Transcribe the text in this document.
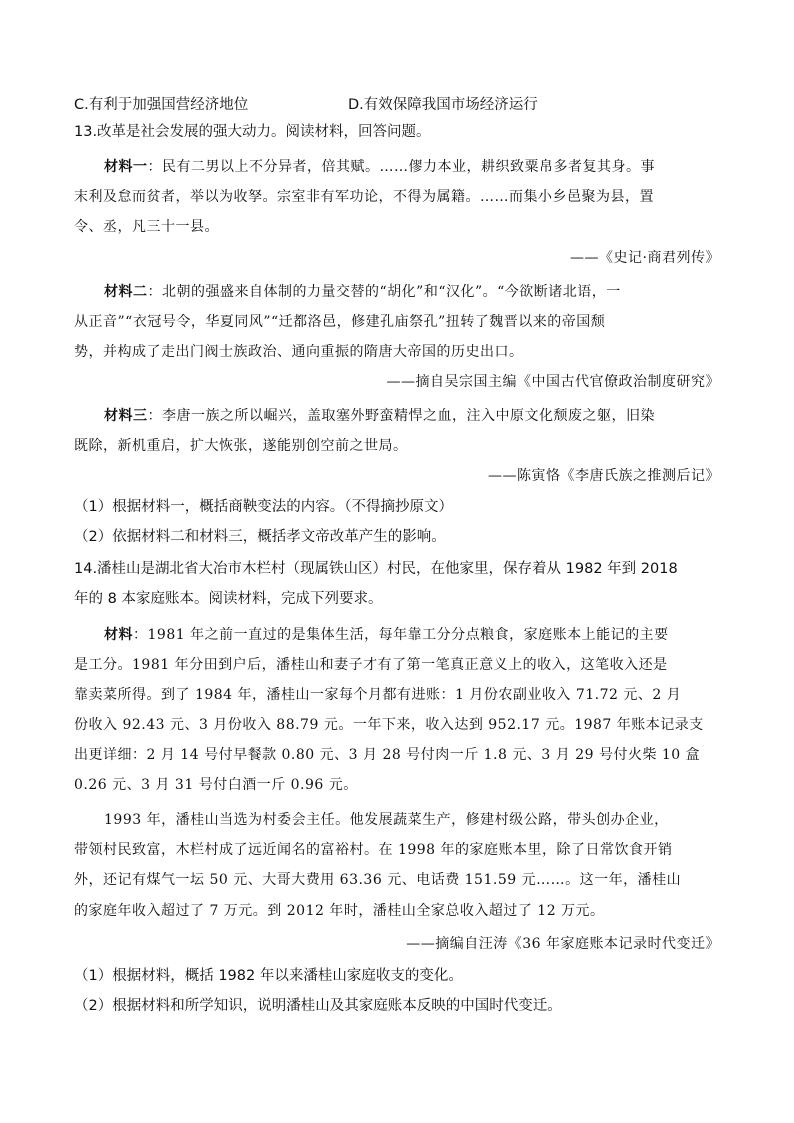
C.有利于加强国营经济地位	D.有效保障我国市场经济运行
13.改革是社会发展的强大动力。阅读材料，回答问题。
材料一：民有二男以上不分异者，倍其赋。……僇力本业，耕织致粟帛多者复其身。事
末利及怠而贫者，举以为收孥。宗室非有军功论，不得为属籍。……而集小乡邑聚为县，置
令、丞，凡三十一县。
——《史记·商君列传》
材料二：北朝的强盛来自体制的力量交替的“胡化”和“汉化”。“今欲断诸北语，一
从正音”“衣冠号令，华夏同风”“迁都洛邑，修建孔庙祭孔”扭转了魏晋以来的帝国颓
势，并构成了走出门阀士族政治、通向重振的隋唐大帝国的历史出口。
——摘自吴宗国主编《中国古代官僚政治制度研究》
材料三：李唐一族之所以崛兴，盖取塞外野蛮精悍之血，注入中原文化颓废之躯，旧染
既除，新机重启，扩大恢张，遂能别创空前之世局。
——陈寅恪《李唐氏族之推测后记》
（1）根据材料一，概括商鞅变法的内容。（不得摘抄原文）
（2）依据材料二和材料三，概括孝文帝改革产生的影响。
14.潘桂山是湖北省大冶市木栏村（现属铁山区）村民，在他家里，保存着从 1982 年到 2018
年的 8 本家庭账本。阅读材料，完成下列要求。
材料：1981 年之前一直过的是集体生活，每年靠工分分点粮食，家庭账本上能记的主要
是工分。1981 年分田到户后，潘桂山和妻子才有了第一笔真正意义上的收入，这笔收入还是
靠卖菜所得。到了 1984 年，潘桂山一家每个月都有进账：1 月份农副业收入 71.72 元、2 月
份收入 92.43 元、3 月份收入 88.79 元。一年下来，收入达到 952.17 元。1987 年账本记录支
出更详细：2 月 14 号付早餐款 0.80 元、3 月 28 号付肉一斤 1.8 元、3 月 29 号付火柴 10 盒
0.26 元、3 月 31 号付白酒一斤 0.96 元。
1993 年，潘桂山当选为村委会主任。他发展蔬菜生产，修建村级公路，带头创办企业，
带领村民致富，木栏村成了远近闻名的富裕村。在 1998 年的家庭账本里，除了日常饮食开销
外，还记有煤气一坛 50 元、大哥大费用 63.36 元、电话费 151.59 元……。这一年，潘桂山
的家庭年收入超过了 7 万元。到 2012 年时，潘桂山全家总收入超过了 12 万元。
——摘编自汪涛《36 年家庭账本记录时代变迁》
（1）根据材料，概括 1982 年以来潘桂山家庭收支的变化。
（2）根据材料和所学知识，说明潘桂山及其家庭账本反映的中国时代变迁。
